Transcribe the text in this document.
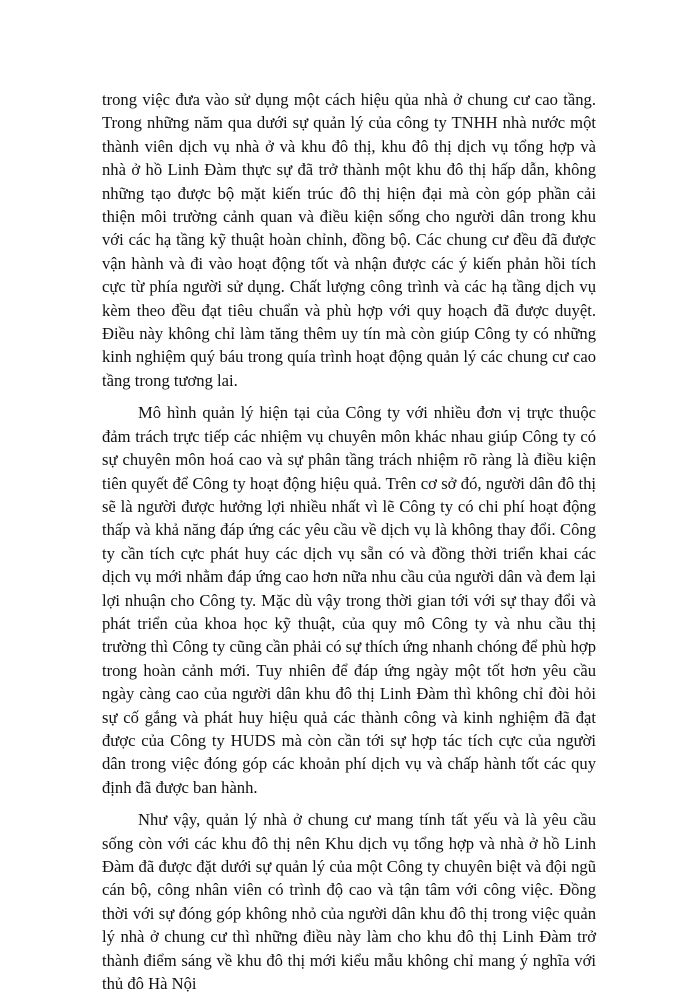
trong việc đưa vào sử dụng một cách hiệu qủa nhà ở chung cư cao tầng. Trong những năm qua dưới sự quản lý của công ty TNHH nhà nước một thành viên dịch vụ nhà ở và khu đô thị, khu đô thị dịch vụ tổng hợp và nhà ở hồ Linh Đàm thực sự đã trở thành một khu đô thị hấp dẫn, không những tạo được bộ mặt kiến trúc đô thị hiện đại mà còn góp phần cải thiện môi trường cảnh quan và điều kiện sống cho người dân trong khu với các hạ tầng kỹ thuật hoàn chỉnh, đồng bộ. Các chung cư đều đã được vận hành và đi vào hoạt động tốt và nhận được các ý kiến phản hồi tích cực từ phía người sử dụng. Chất lượng công trình và các hạ tầng dịch vụ kèm theo đều đạt tiêu chuẩn và phù hợp với quy hoạch đã được duyệt. Điều này không chỉ làm tăng thêm uy tín mà còn giúp Công ty có những kinh nghiệm quý báu trong quía trình hoạt động quản lý các chung cư cao tầng trong tương lai.

Mô hình quản lý hiện tại của Công ty với nhiều đơn vị trực thuộc đảm trách trực tiếp các nhiệm vụ chuyên môn khác nhau giúp Công ty có sự chuyên môn hoá cao và sự phân tầng trách nhiệm rõ ràng là điều kiện tiên quyết để Công ty hoạt động hiệu quả. Trên cơ sở đó, người dân đô thị sẽ là người được hưởng lợi nhiều nhất vì lẽ Công ty có chi phí hoạt động thấp và khả năng đáp ứng các yêu cầu về dịch vụ là không thay đổi. Công ty cần tích cực phát huy các dịch vụ sẵn có và đồng thời triển khai các dịch vụ mới nhằm đáp ứng cao hơn nữa nhu cầu của người dân và đem lại lợi nhuận cho Công ty. Mặc dù vậy trong thời gian tới với sự thay đổi và phát triển của khoa học kỹ thuật, của quy mô Công ty và nhu cầu thị trường thì Công ty cũng cần phải có sự thích ứng nhanh chóng để phù hợp trong hoàn cảnh mới. Tuy nhiên để đáp ứng ngày một tốt hơn yêu cầu ngày càng cao của người dân khu đô thị Linh Đàm thì không chỉ đòi hỏi sự cố gắng và phát huy hiệu quả các thành công và kinh nghiệm đã đạt được của Công ty HUDS mà còn cần tới sự hợp tác tích cực của người dân trong việc đóng góp các khoản phí dịch vụ và chấp hành tốt các quy định đã được ban hành.

Như vậy, quản lý nhà ở chung cư mang tính tất yếu và là yêu cầu sống còn với các khu đô thị nên Khu dịch vụ tổng hợp và nhà ở hồ Linh Đàm đã được đặt dưới sự quản lý của một Công ty chuyên biệt và đội ngũ cán bộ, công nhân viên có trình độ cao và tận tâm với công việc. Đồng thời với sự đóng góp không nhỏ của người dân khu đô thị trong việc quản lý nhà ở chung cư thì những điều này làm cho khu đô thị Linh Đàm trở thành điểm sáng về khu đô thị mới kiểu mẫu không chỉ mang ý nghĩa với thủ đô Hà Nội
